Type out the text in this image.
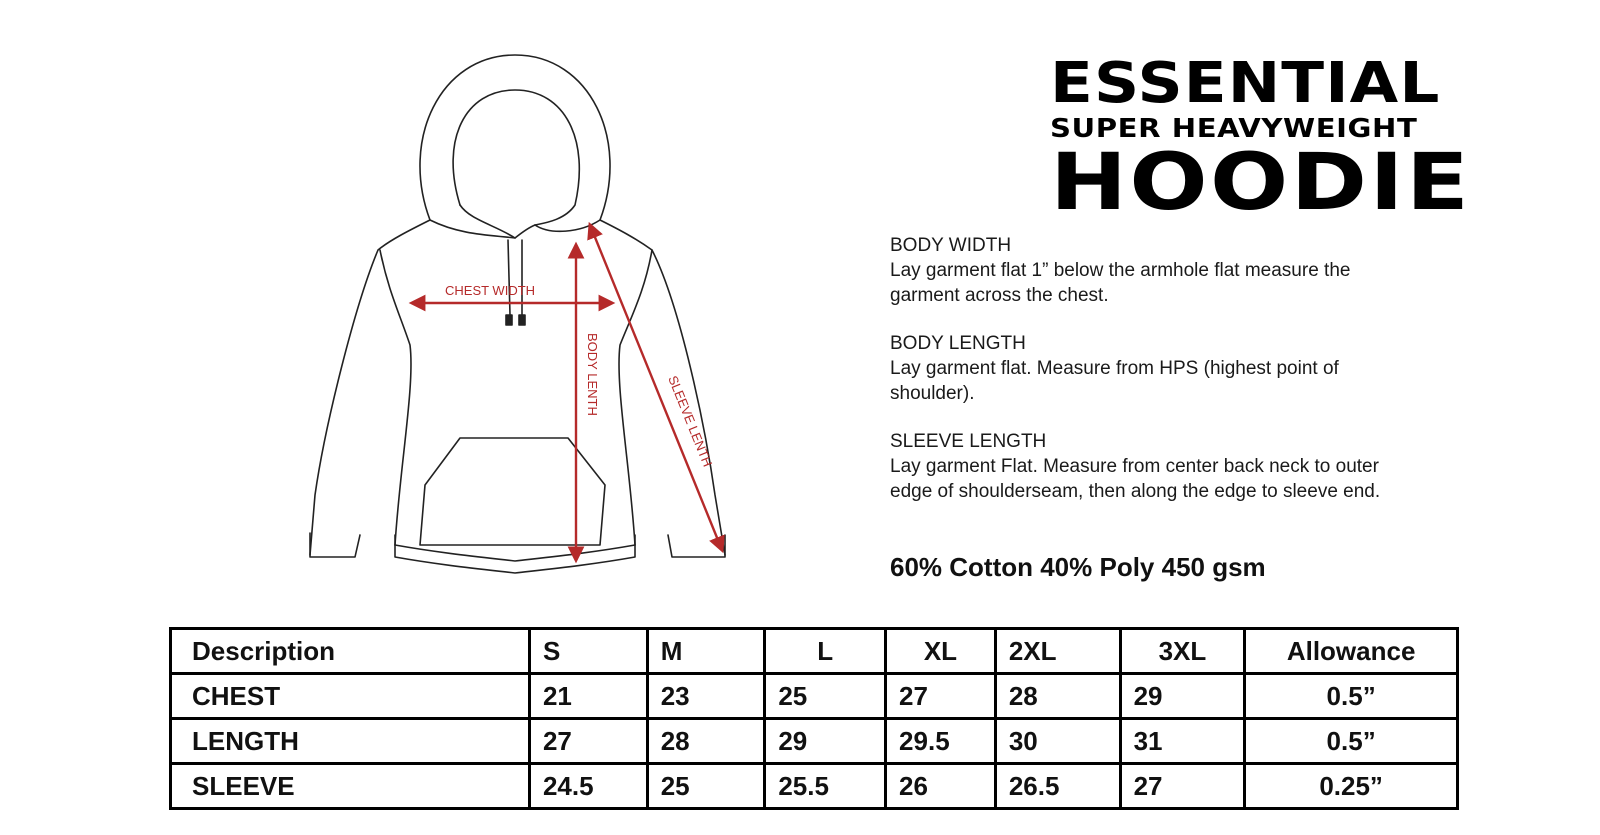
CHEST WIDTH
BODY LENTH	SLEEVE LENTH
ESSENTIAL
SUPER HEAVYWEIGHT
HOODIE
BODY WIDTH
Lay garment flat 1” below the armhole flat measure the garment across the chest.
BODY LENGTH
Lay garment flat. Measure from HPS (highest point of shoulder).
SLEEVE LENGTH
Lay garment Flat. Measure from center back neck to outer edge of shoulderseam, then along the edge to sleeve end.
60% Cotton 40% Poly 450 gsm
Description	S	M	L	XL	2XL	3XL	Allowance
CHEST	21	23	25	27	28	29	0.5”
LENGTH	27	28	29	29.5	30	31	0.5”
SLEEVE	24.5	25	25.5	26	26.5	27	0.25”
